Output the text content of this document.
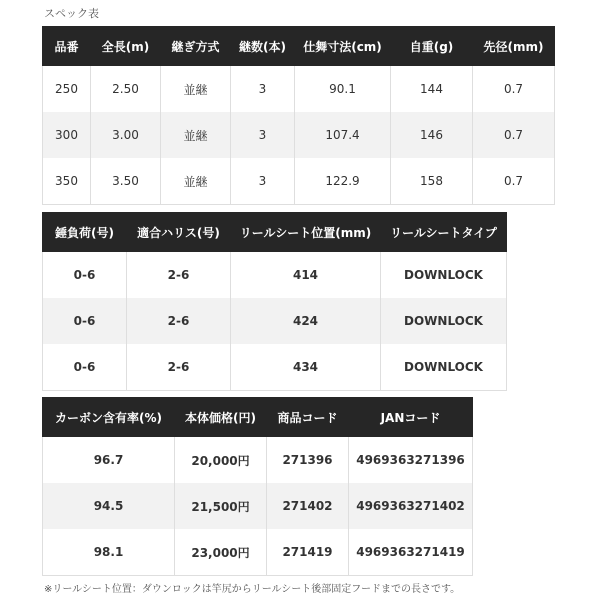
スペック表
品番	全長(m)	継ぎ方式	継数(本)	仕舞寸法(cm)	自重(g)	先径(mm)
250	2.50	並継	3	90.1	144	0.7
300	3.00	並継	3	107.4	146	0.7
350	3.50	並継	3	122.9	158	0.7
錘負荷(号)	適合ハリス(号)	リールシート位置(mm)	リールシートタイプ
0-6	2-6	414	DOWNLOCK
0-6	2-6	424	DOWNLOCK
0-6	2-6	434	DOWNLOCK
カーボン含有率(%)	本体価格(円)	商品コード	JANコード
96.7	20,000円	271396	4969363271396
94.5	21,500円	271402	4969363271402
98.1	23,000円	271419	4969363271419
※リールシート位置：ダウンロックは竿尻からリールシート後部固定フードまでの長さです。
